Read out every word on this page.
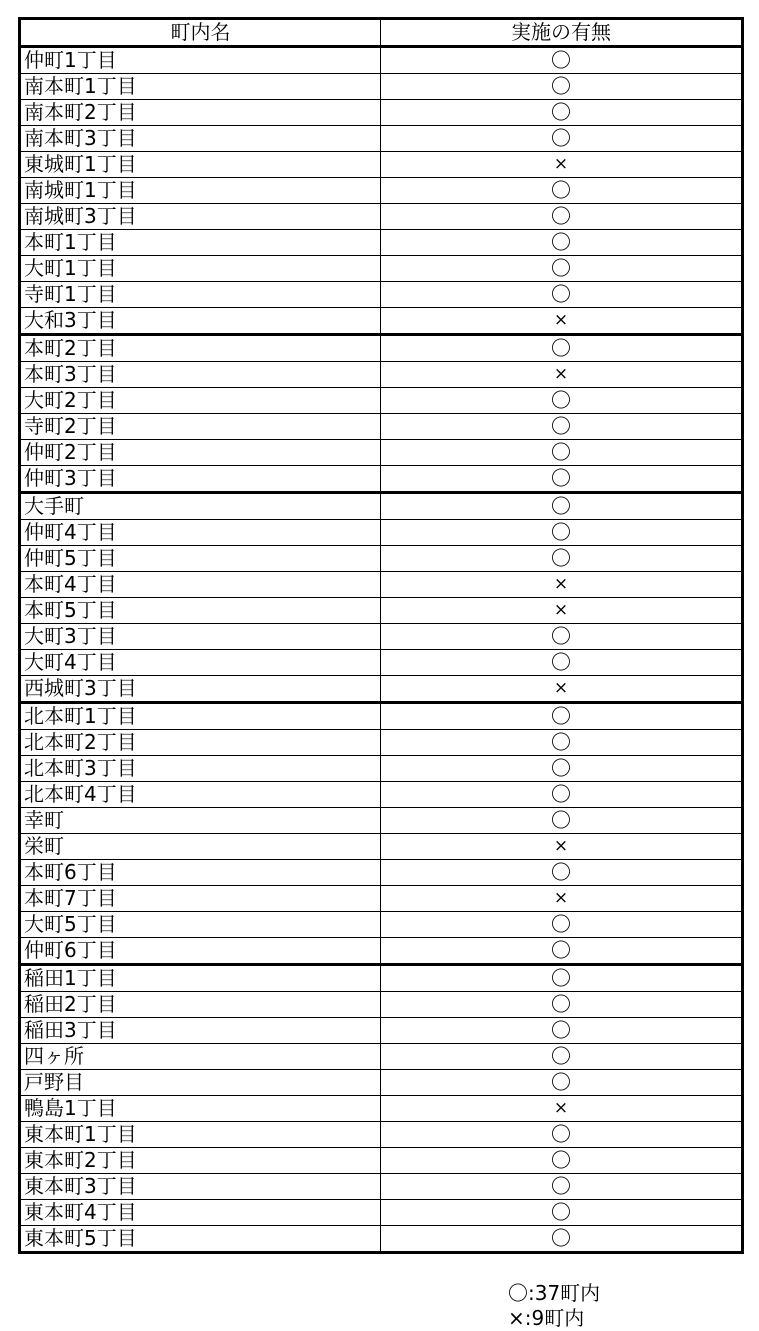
町内名	実施の有無
仲町1丁目	〇
南本町1丁目	〇
南本町2丁目	〇
南本町3丁目	〇
東城町1丁目	×
南城町1丁目	〇
南城町3丁目	〇
本町1丁目	〇
大町1丁目	〇
寺町1丁目	〇
大和3丁目	×
本町2丁目	〇
本町3丁目	×
大町2丁目	〇
寺町2丁目	〇
仲町2丁目	〇
仲町3丁目	〇
大手町	〇
仲町4丁目	〇
仲町5丁目	〇
本町4丁目	×
本町5丁目	×
大町3丁目	〇
大町4丁目	〇
西城町3丁目	×
北本町1丁目	〇
北本町2丁目	〇
北本町3丁目	〇
北本町4丁目	〇
幸町	〇
栄町	×
本町6丁目	〇
本町7丁目	×
大町5丁目	〇
仲町6丁目	〇
稲田1丁目	〇
稲田2丁目	〇
稲田3丁目	〇
四ヶ所	〇
戸野目	〇
鴨島1丁目	×
東本町1丁目	〇
東本町2丁目	〇
東本町3丁目	〇
東本町4丁目	〇
東本町5丁目	〇
〇:37町内
×:9町内
